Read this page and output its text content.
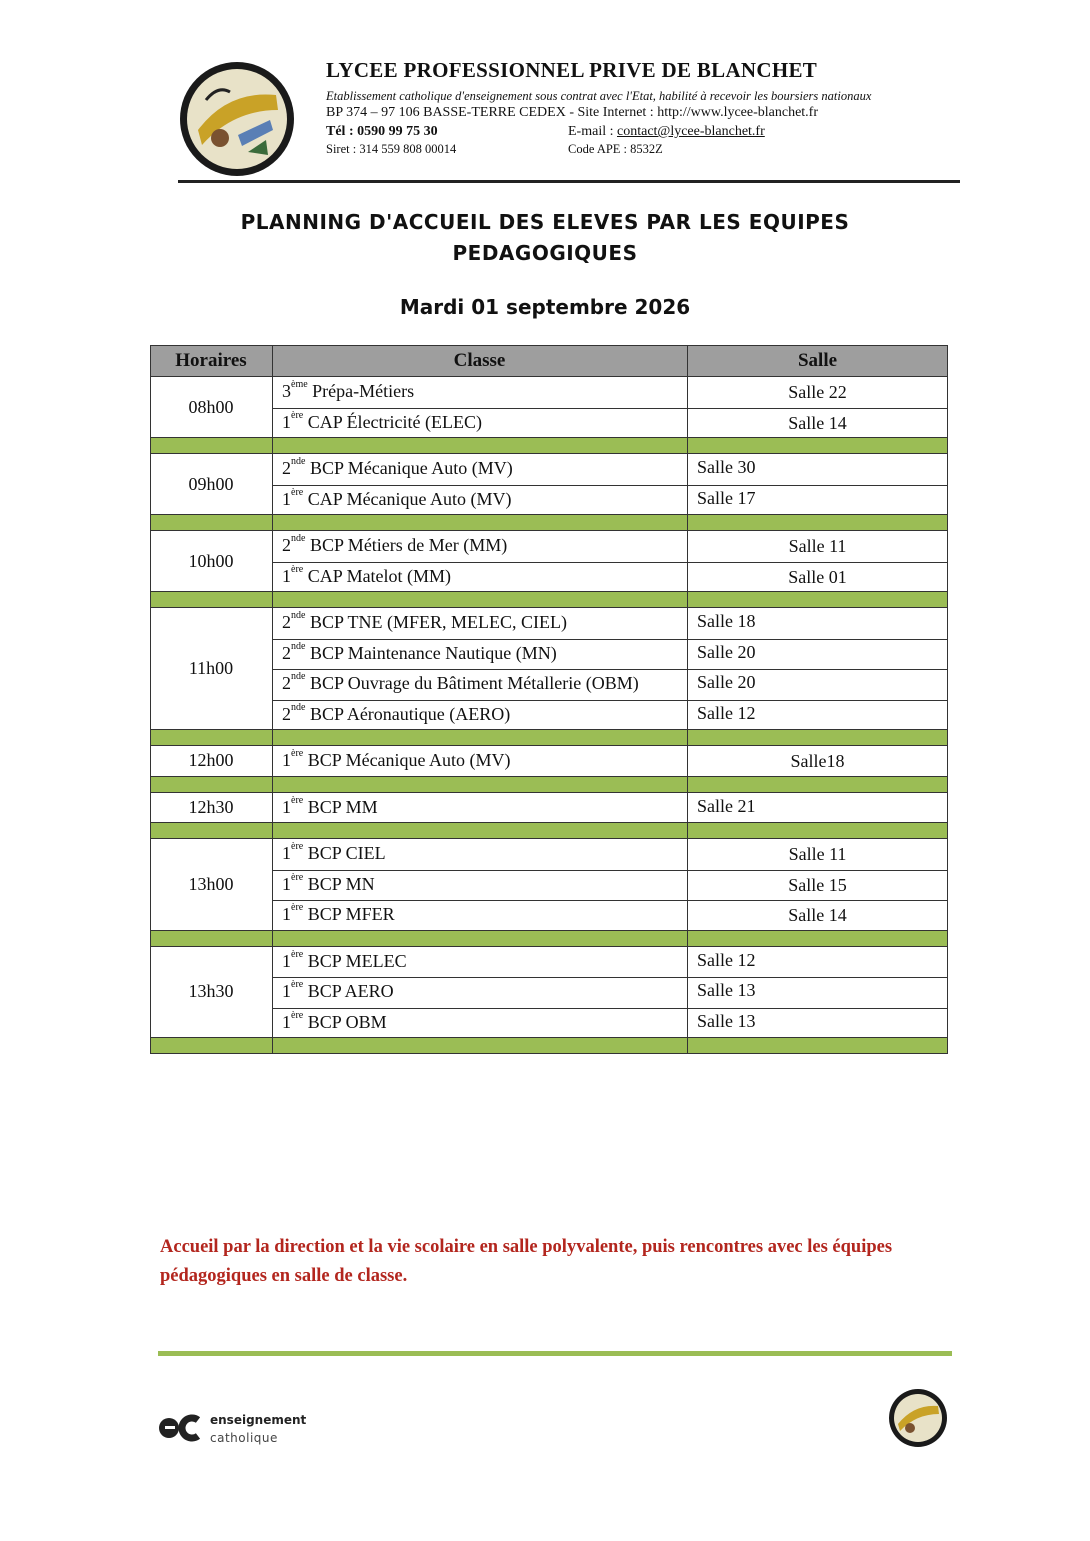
LYCEE PROFESSIONNEL PRIVE DE BLANCHET
Etablissement catholique d'enseignement sous contrat avec l'Etat, habilité à recevoir les boursiers nationaux
BP 374 – 97 106 BASSE-TERRE CEDEX - Site Internet : http://www.lycee-blanchet.fr
Tél : 0590 99 75 30	E-mail : contact@lycee-blanchet.fr
Siret : 314 559 808 00014	Code APE : 8532Z
PLANNING D'ACCUEIL DES ELEVES PAR LES EQUIPES
PEDAGOGIQUES
Mardi 01 septembre 2026
Horaires	Classe	Salle
08h00
3ème Prépa-Métiers	Salle 22
1ère CAP Électricité (ELEC)	Salle 14
09h00
2nde BCP Mécanique Auto (MV)	Salle 30
1ère CAP Mécanique Auto (MV)	Salle 17
10h00
2nde BCP Métiers de Mer (MM)	Salle 11
1ère CAP Matelot (MM)	Salle 01
11h00
2nde BCP TNE (MFER, MELEC, CIEL)	Salle 18
2nde BCP Maintenance Nautique (MN)	Salle 20
2nde BCP Ouvrage du Bâtiment Métallerie (OBM)	Salle 20
2nde BCP Aéronautique (AERO)	Salle 12
12h00	1ère BCP Mécanique Auto (MV)	Salle18
12h30	1ère BCP MM	Salle 21
13h00
1ère BCP CIEL	Salle 11
1ère BCP MN	Salle 15
1ère BCP MFER	Salle 14
13h30
1ère BCP MELEC	Salle 12
1ère BCP AERO	Salle 13
1ère BCP OBM	Salle 13
Accueil par la direction et la vie scolaire en salle polyvalente, puis rencontres avec les équipes pédagogiques en salle de classe.
enseignement
catholique
